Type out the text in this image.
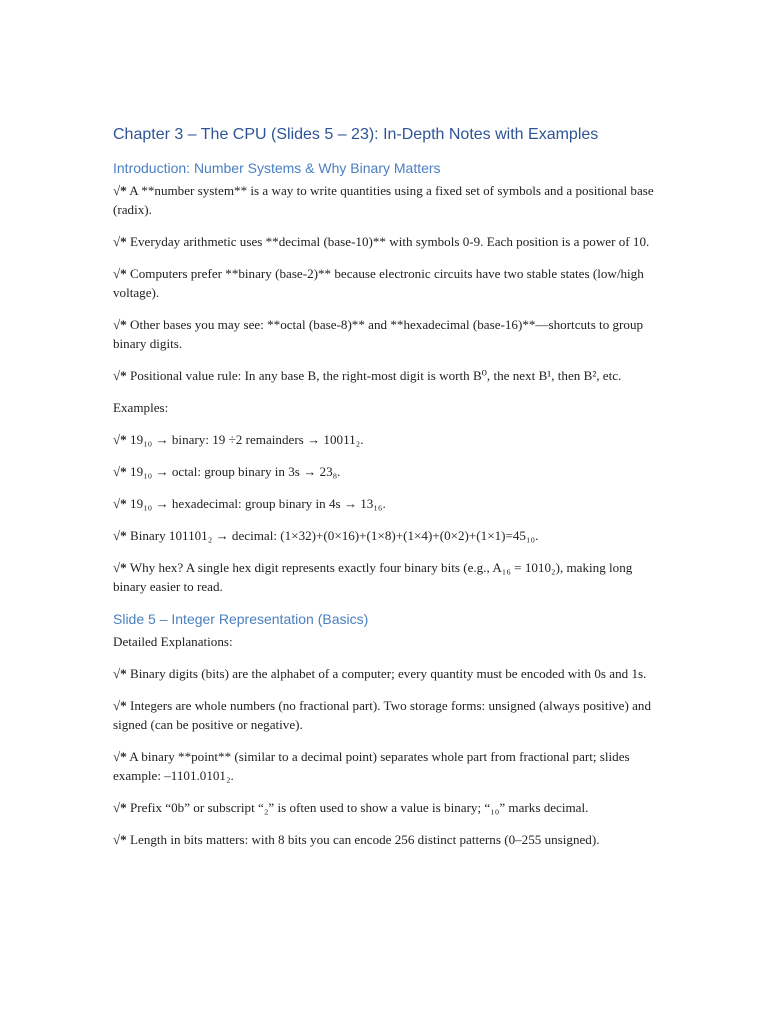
Chapter 3 – The CPU (Slides 5 – 23): In-Depth Notes with Examples
Introduction: Number Systems & Why Binary Matters
√* A **number system** is a way to write quantities using a fixed set of symbols and a positional base (radix).
√* Everyday arithmetic uses **decimal (base-10)** with symbols 0-9. Each position is a power of 10.
√* Computers prefer **binary (base-2)** because electronic circuits have two stable states (low/high voltage).
√* Other bases you may see: **octal (base-8)** and **hexadecimal (base-16)**—shortcuts to group binary digits.
√* Positional value rule: In any base B, the right-most digit is worth B⁰, the next B¹, then B², etc.
Examples:
√* 19₁₀ → binary: 19 ÷2 remainders → 10011₂.
√* 19₁₀ → octal: group binary in 3s → 23₈.
√* 19₁₀ → hexadecimal: group binary in 4s → 13₁₆.
√* Binary 101101₂ → decimal: (1×32)+(0×16)+(1×8)+(1×4)+(0×2)+(1×1)=45₁₀.
√* Why hex? A single hex digit represents exactly four binary bits (e.g., A₁₆ = 1010₂), making long binary easier to read.
Slide 5 – Integer Representation (Basics)
Detailed Explanations:
√* Binary digits (bits) are the alphabet of a computer; every quantity must be encoded with 0s and 1s.
√* Integers are whole numbers (no fractional part). Two storage forms: unsigned (always positive) and signed (can be positive or negative).
√* A binary **point** (similar to a decimal point) separates whole part from fractional part; slides example: –1101.0101₂.
√* Prefix “0b” or subscript “₂” is often used to show a value is binary; “₁₀” marks decimal.
√* Length in bits matters: with 8 bits you can encode 256 distinct patterns (0–255 unsigned).
